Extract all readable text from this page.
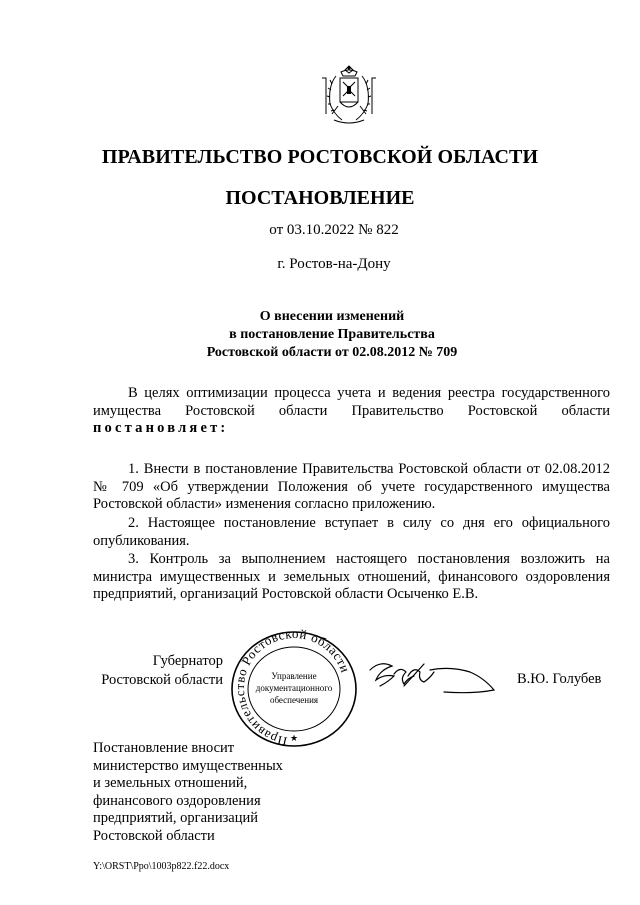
ПРАВИТЕЛЬСТВО РОСТОВСКОЙ ОБЛАСТИ
ПОСТАНОВЛЕНИЕ
от 03.10.2022 № 822
г. Ростов-на-Дону
О внесении изменений
в постановление Правительства
Ростовской области от 02.08.2012 № 709
В целях оптимизации процесса учета и ведения реестра государственного имущества Ростовской области Правительство Ростовской области постановляет:
1. Внести в постановление Правительства Ростовской области от 02.08.2012 № 709 «Об утверждении Положения об учете государственного имущества Ростовской области» изменения согласно приложению.
2. Настоящее постановление вступает в силу со дня его официального опубликования.
3. Контроль за выполнением настоящего постановления возложить на министра имущественных и земельных отношений, финансового оздоровления предприятий, организаций Ростовской области Осыченко Е.В.
Губернатор
Ростовской области
Правительство Ростовской области
Управление
документационного
обеспечения
★
В.Ю. Голубев
Постановление вносит
министерство имущественных
и земельных отношений,
финансового оздоровления
предприятий, организаций
Ростовской области
Y:\ORST\Ppo\1003p822.f22.docx
